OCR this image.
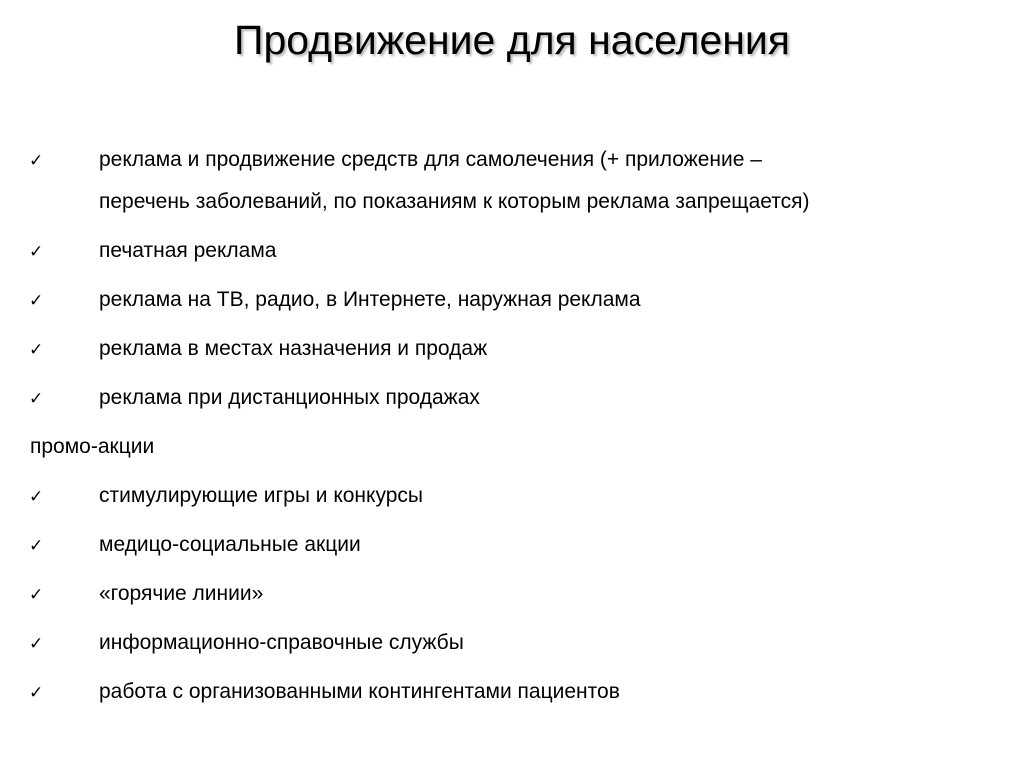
Продвижение для населения
✓	реклама и продвижение средств для самолечения (+ приложение –
перечень заболеваний, по показаниям к которым реклама запрещается)
✓	печатная реклама
✓	реклама на ТВ, радио, в Интернете, наружная реклама
✓	реклама в местах назначения и продаж
✓	реклама при дистанционных продажах
промо-акции
✓	стимулирующие игры и конкурсы
✓	медицо-социальные акции
✓	«горячие линии»
✓	информационно-справочные службы
✓	работа с организованными контингентами пациентов
